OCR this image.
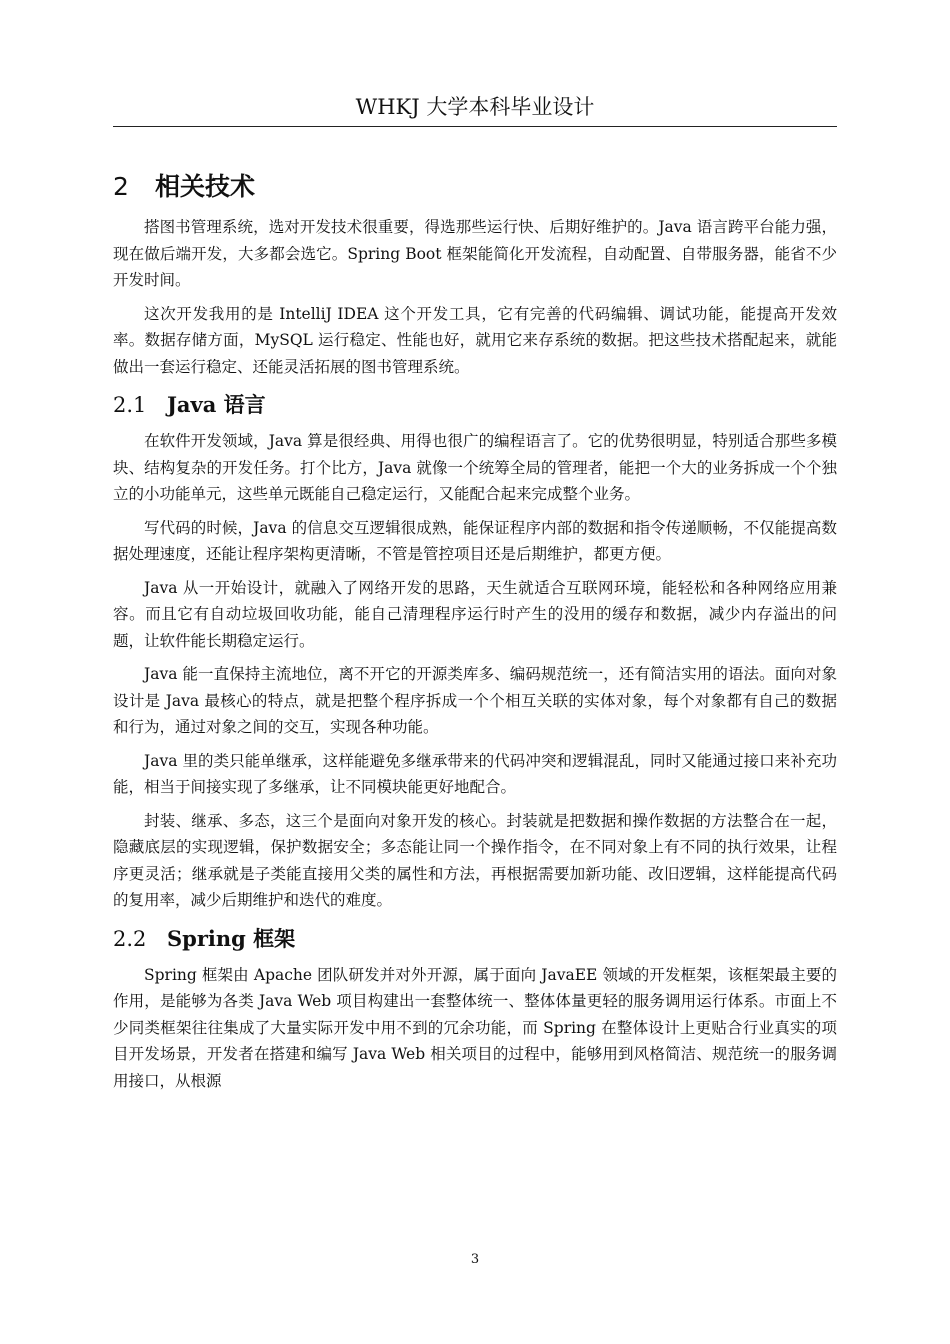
WHKJ 大学本科毕业设计
2 相关技术

搭图书管理系统，选对开发技术很重要，得选那些运行快、后期好维护的。Java 语言跨平台能力强，现在做后端开发，大多都会选它。Spring Boot 框架能简化开发流程，自动配置、自带服务器，能省不少开发时间。

这次开发我用的是 IntelliJ IDEA 这个开发工具，它有完善的代码编辑、调试功能，能提高开发效率。数据存储方面，MySQL 运行稳定、性能也好，就用它来存系统的数据。把这些技术搭配起来，就能做出一套运行稳定、还能灵活拓展的图书管理系统。

2.1 Java 语言

在软件开发领域，Java 算是很经典、用得也很广的编程语言了。它的优势很明显，特别适合那些多模块、结构复杂的开发任务。打个比方，Java 就像一个统筹全局的管理者，能把一个大的业务拆成一个个独立的小功能单元，这些单元既能自己稳定运行，又能配合起来完成整个业务。

写代码的时候，Java 的信息交互逻辑很成熟，能保证程序内部的数据和指令传递顺畅，不仅能提高数据处理速度，还能让程序架构更清晰，不管是管控项目还是后期维护，都更方便。

Java 从一开始设计，就融入了网络开发的思路，天生就适合互联网环境，能轻松和各种网络应用兼容。而且它有自动垃圾回收功能，能自己清理程序运行时产生的没用的缓存和数据，减少内存溢出的问题，让软件能长期稳定运行。

Java 能一直保持主流地位，离不开它的开源类库多、编码规范统一，还有简洁实用的语法。面向对象设计是 Java 最核心的特点，就是把整个程序拆成一个个相互关联的实体对象，每个对象都有自己的数据和行为，通过对象之间的交互，实现各种功能。

Java 里的类只能单继承，这样能避免多继承带来的代码冲突和逻辑混乱，同时又能通过接口来补充功能，相当于间接实现了多继承，让不同模块能更好地配合。

封装、继承、多态，这三个是面向对象开发的核心。封装就是把数据和操作数据的方法整合在一起，隐藏底层的实现逻辑，保护数据安全；多态能让同一个操作指令，在不同对象上有不同的执行效果，让程序更灵活；继承就是子类能直接用父类的属性和方法，再根据需要加新功能、改旧逻辑，这样能提高代码的复用率，减少后期维护和迭代的难度。

2.2 Spring 框架

Spring 框架由 Apache 团队研发并对外开源，属于面向 JavaEE 领域的开发框架，该框架最主要的作用，是能够为各类 Java Web 项目构建出一套整体统一、整体体量更轻的服务调用运行体系。市面上不少同类框架往往集成了大量实际开发中用不到的冗余功能，而 Spring 在整体设计上更贴合行业真实的项目开发场景，开发者在搭建和编写 Java Web 相关项目的过程中，能够用到风格简洁、规范统一的服务调用接口，从根源

3
